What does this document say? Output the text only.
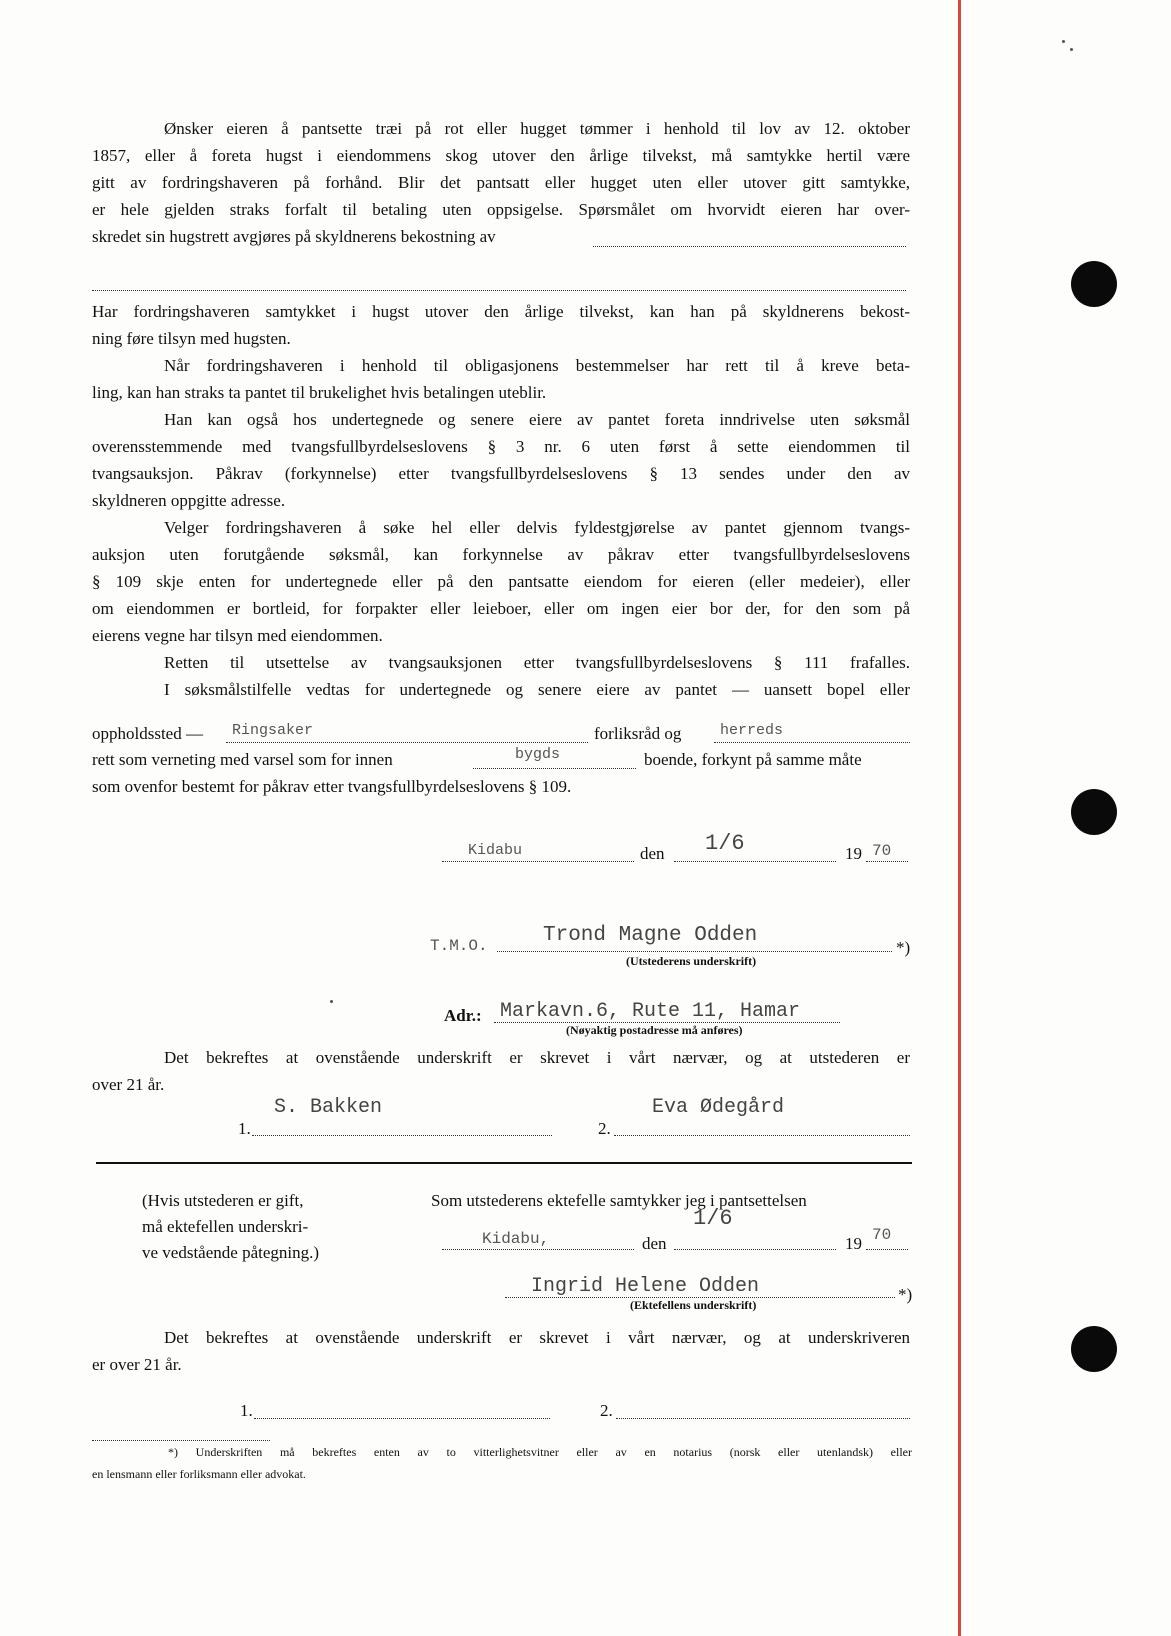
Ønsker eieren å pantsette træi på rot eller hugget tømmer i henhold til lov av 12. oktober

1857, eller å foreta hugst i eiendommens skog utover den årlige tilvekst, må samtykke hertil være

gitt av fordringshaveren på forhånd. Blir det pantsatt eller hugget uten eller utover gitt samtykke,

er hele gjelden straks forfalt til betaling uten oppsigelse. Spørsmålet om hvorvidt eieren har over-

skredet sin hugstrett avgjøres på skyldnerens bekostning av

Har fordringshaveren samtykket i hugst utover den årlige tilvekst, kan han på skyldnerens bekost-

ning føre tilsyn med hugsten.

Når fordringshaveren i henhold til obligasjonens bestemmelser har rett til å kreve beta-

ling, kan han straks ta pantet til brukelighet hvis betalingen uteblir.

Han kan også hos undertegnede og senere eiere av pantet foreta inndrivelse uten søksmål

overensstemmende med tvangsfullbyrdelseslovens § 3 nr. 6 uten først å sette eiendommen til

tvangsauksjon. Påkrav (forkynnelse) etter tvangsfullbyrdelseslovens § 13 sendes under den av

skyldneren oppgitte adresse.

Velger fordringshaveren å søke hel eller delvis fyldestgjørelse av pantet gjennom tvangs-

auksjon uten forutgående søksmål, kan forkynnelse av påkrav etter tvangsfullbyrdelseslovens

§ 109 skje enten for undertegnede eller på den pantsatte eiendom for eieren (eller medeier), eller

om eiendommen er bortleid, for forpakter eller leieboer, eller om ingen eier bor der, for den som på

eierens vegne har tilsyn med eiendommen.

Retten til utsettelse av tvangsauksjonen etter tvangsfullbyrdelseslovens § 111 frafalles.

I søksmålstilfelle vedtas for undertegnede og senere eiere av pantet — uansett bopel eller

oppholdssted — Ringsaker	forliksråd og	herreds
rett som verneting med varsel som for innen	bygds	boende, forkynt på samme måte
som ovenfor bestemt for påkrav etter tvangsfullbyrdelseslovens § 109.
Kidabu	den 1/6	19 70
T.M.O.	Trond Magne Odden
*)
(Utstederens underskrift)
Adr.: Markavn.6, Rute 11, Hamar
(Nøyaktig postadresse må anføres)

Det bekreftes at ovenstående underskrift er skrevet i vårt nærvær, og at utstederen er

over 21 år.

1.
S. Bakken
2.
Eva Ødegård
(Hvis utstederen er gift,
må ektefellen underskri-
ve vedstående påtegning.)
Som utstederens ektefelle samtykker jeg i pantsettelsen
Kidabu,	den
1/6
19 70
Ingrid Helene Odden	*)
(Ektefellens underskrift)

Det bekreftes at ovenstående underskrift er skrevet i vårt nærvær, og at underskriveren

er over 21 år.

1.	2.
*) Underskriften må bekreftes enten av to vitterlighetsvitner eller av en notarius (norsk eller utenlandsk) eller
en lensmann eller forliksmann eller advokat.
